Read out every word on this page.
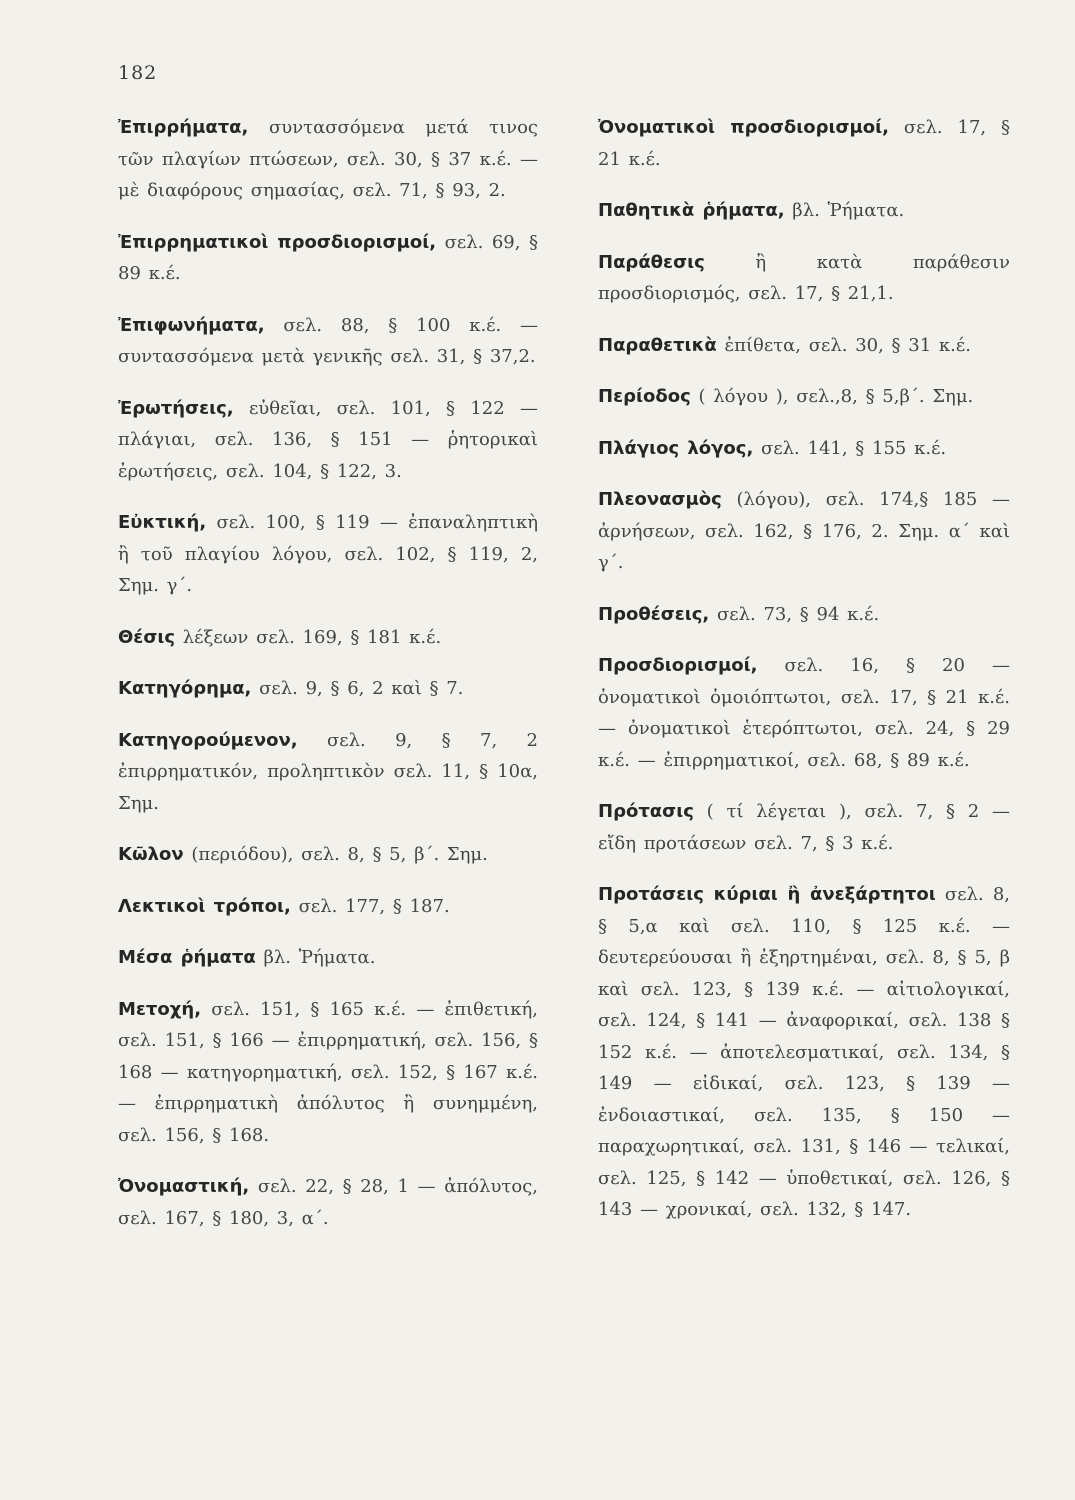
182

Ἐπιρρήματα, συντασσόμενα μετά τινος τῶν πλαγίων πτώσεων, σελ. 30, § 37 κ.έ. — μὲ διαφόρους σημασίας, σελ. 71, § 93, 2.

Ἐπιρρηματικοὶ προσδιορισμοί, σελ. 69, § 89 κ.έ.

Ἐπιφωνήματα, σελ. 88, § 100 κ.έ. — συντασσόμενα μετὰ γενικῆς σελ. 31, § 37,2.

Ἐρωτήσεις, εὐθεῖαι, σελ. 101, § 122 — πλάγιαι, σελ. 136, § 151 — ῥητορικαὶ ἐρωτήσεις, σελ. 104, § 122, 3.

Εὐκτική, σελ. 100, § 119 — ἐπαναληπτικὴ ἢ τοῦ πλαγίου λόγου, σελ. 102, § 119, 2, Σημ. γ΄.

Θέσις λέξεων σελ. 169, § 181 κ.έ.

Κατηγόρημα, σελ. 9, § 6, 2 καὶ § 7.

Κατηγορούμενον, σελ. 9, § 7, 2 ἐπιρρηματικόν, προληπτικὸν σελ. 11, § 10α, Σημ.

Κῶλον (περιόδου), σελ. 8, § 5, β΄. Σημ.

Λεκτικοὶ τρόποι, σελ. 177, § 187.

Μέσα ῥήματα βλ. Ῥήματα.

Μετοχή, σελ. 151, § 165 κ.έ. — ἐπιθετική, σελ. 151, § 166 — ἐπιρρηματική, σελ. 156, § 168 — κατηγορηματική, σελ. 152, § 167 κ.έ. — ἐπιρρηματικὴ ἀπόλυτος ἢ συνημμένη, σελ. 156, § 168.

Ὀνομαστική, σελ. 22, § 28, 1 — ἀπόλυτος, σελ. 167, § 180, 3, α΄.

Ὀνοματικοὶ προσδιορισμοί, σελ. 17, § 21 κ.έ.

Παθητικὰ ῥήματα, βλ. Ῥήματα.

Παράθεσις	ἢ κατὰ παράθεσιν προσδιορισμός, σελ. 17, § 21,1.

Παραθετικὰ ἐπίθετα, σελ. 30, § 31 κ.έ.

Περίοδος ( λόγου ), σελ.,8, § 5,β΄. Σημ.

Πλάγιος λόγος, σελ. 141, § 155 κ.έ.

Πλεονασμὸς (λόγου), σελ. 174,§ 185 — ἀρνήσεων, σελ. 162, § 176, 2. Σημ. α΄ καὶ γ΄.

Προθέσεις, σελ. 73, § 94 κ.έ.

Προσδιορισμοί, σελ. 16, § 20 — ὀνοματικοὶ ὁμοιόπτωτοι, σελ. 17, § 21 κ.έ. — ὀνοματικοὶ ἑτερόπτωτοι, σελ. 24, § 29 κ.έ. — ἐπιρρηματικοί, σελ. 68, § 89 κ.έ.

Πρότασις ( τί λέγεται ), σελ. 7, § 2 — εἴδη προτάσεων σελ. 7, § 3 κ.έ.

Προτάσεις κύριαι ἢ ἀνεξάρτητοι σελ. 8, § 5,α καὶ σελ. 110, § 125 κ.έ. — δευτερεύουσαι ἢ ἐξηρτημέναι, σελ. 8, § 5, β καὶ σελ. 123, § 139 κ.έ. — αἰτιολογικαί, σελ. 124, § 141 — ἀναφορικαί, σελ. 138 § 152 κ.έ. — ἀποτελεσματικαί, σελ. 134, § 149 — εἰδικαί, σελ. 123, § 139 — ἐνδοιαστικαί, σελ. 135, § 150 — παραχωρητικαί, σελ. 131, § 146 — τελικαί, σελ. 125, § 142 — ὑποθετικαί, σελ. 126, § 143 — χρονικαί, σελ. 132, § 147.
